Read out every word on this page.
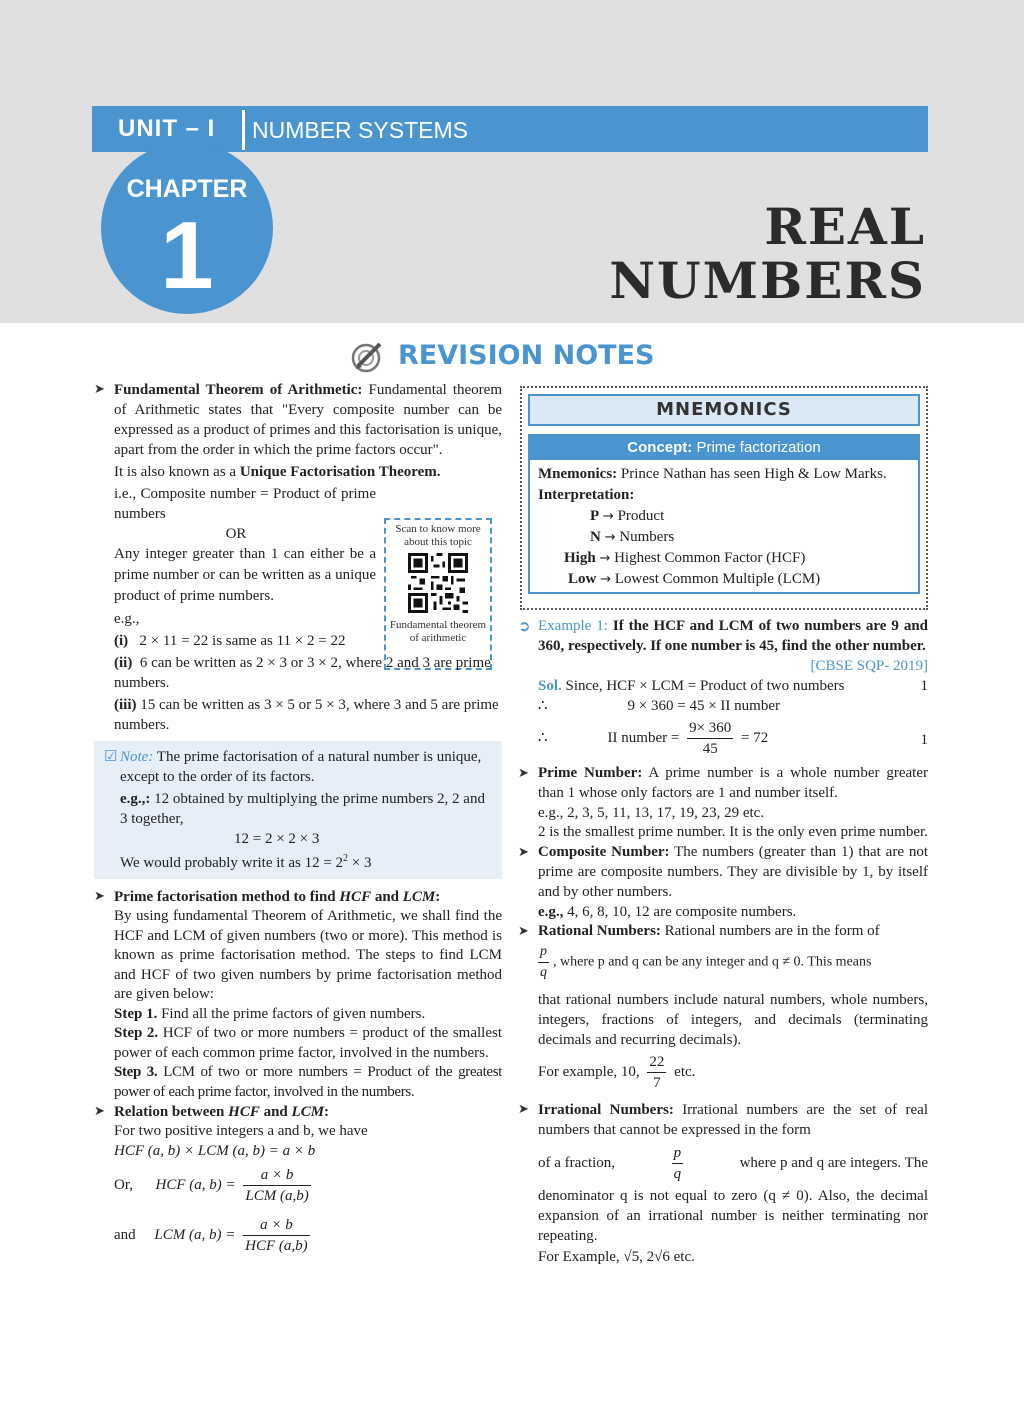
UNIT – I NUMBER SYSTEMS
CHAPTER
1	REAL
NUMBERS
REVISION NOTES
Scan to know more about this topic
Fundamental theorem of arithmetic
➤ Fundamental Theorem of Arithmetic: Fundamental theorem of Arithmetic states that "Every composite number can be expressed as a product of primes and this factorisation is unique, apart from the order in which the prime factors occur".

It is also known as a Unique Factorisation Theorem.

i.e., Composite number = Product of prime numbers

OR

Any integer greater than 1 can either be a prime number or can be written as a unique product of prime numbers.

e.g.,

(i) 2 × 11 = 22 is same as 11 × 2 = 22

(ii) 6 can be written as 2 × 3 or 3 × 2, where 2 and 3 are prime numbers.

(iii) 15 can be written as 3 × 5 or 5 × 3, where 3 and 5 are prime numbers.

☑ Note: The prime factorisation of a natural number is unique, except to the order of its factors.
e.g.,: 12 obtained by multiplying the prime numbers 2, 2 and 3 together,
12 = 2 × 2 × 3
We would probably write it as $12 = 2^2 \times 3$
➤ Prime factorisation method to find HCF and LCM:

By using fundamental Theorem of Arithmetic, we shall find the HCF and LCM of given numbers (two or more). This method is known as prime factorisation method. The steps to find LCM and HCF of two given numbers by prime factorisation method are given below:

Step 1. Find all the prime factors of given numbers.

Step 2. HCF of two or more numbers = product of the smallest power of each common prime factor, involved in the numbers.

Step 3. LCM of two or more numbers = Product of the greatest power of each prime factor, involved in the numbers.

➤ Relation between HCF and LCM:

For two positive integers a and b, we have

HCF (a, b) × LCM (a, b) = a × b

Or, HCF (a, $b) = \frac{a \times b}{\text{LCM (a,b)}}$
and LCM (a, $b) = \frac{a \times b}{\text{HCF (a,b)}}$
MNEMONICS
Concept: Prime factorization
Mnemonics: Prince Nathan has seen High & Low Marks.
Interpretation:
P → Product
N → Numbers
High → Highest Common Factor (HCF)
Low → Lowest Common Multiple (LCM)
➲ Example 1: If the HCF and LCM of two numbers are 9 and 360, respectively. If one number is 45, find the other number.

[CBSE SQP- 2019]

Sol. Since, HCF × LCM = Product of two numbers	1

∴	9 × 360 = 45 × II number

∴	II number = $\frac{9\times 360}{45} = 72$	1
➤ Prime Number: A prime number is a whole number greater than 1 whose only factors are 1 and number itself.

e.g., 2, 3, 5, 11, 13, 17, 19, 23, 29 etc.

2 is the smallest prime number. It is the only even prime number.

➤ Composite Number: The numbers (greater than 1) that are not prime are composite numbers. They are divisible by 1, by itself and by other numbers.

e.g., 4, 6, 8, 10, 12 are composite numbers.

➤ Rational Numbers: Rational numbers are in the form of
$\frac{p}{q}$ , where p and q can be any integer and q ≠ 0. This means

that rational numbers include natural numbers, whole numbers, integers, fractions of integers, and decimals (terminating decimals and recurring decimals).

For example, 10, $\frac{22}{7}$ etc.
➤ Irrational Numbers: Irrational numbers are the set of real numbers that cannot be expressed in the form
of a fraction,	$\frac{p}{q}$	where p and q are integers. The

denominator q is not equal to zero (q ≠ 0). Also, the decimal expansion of an irrational number is neither terminating nor repeating.

For Example, √5, 2√6 etc.
